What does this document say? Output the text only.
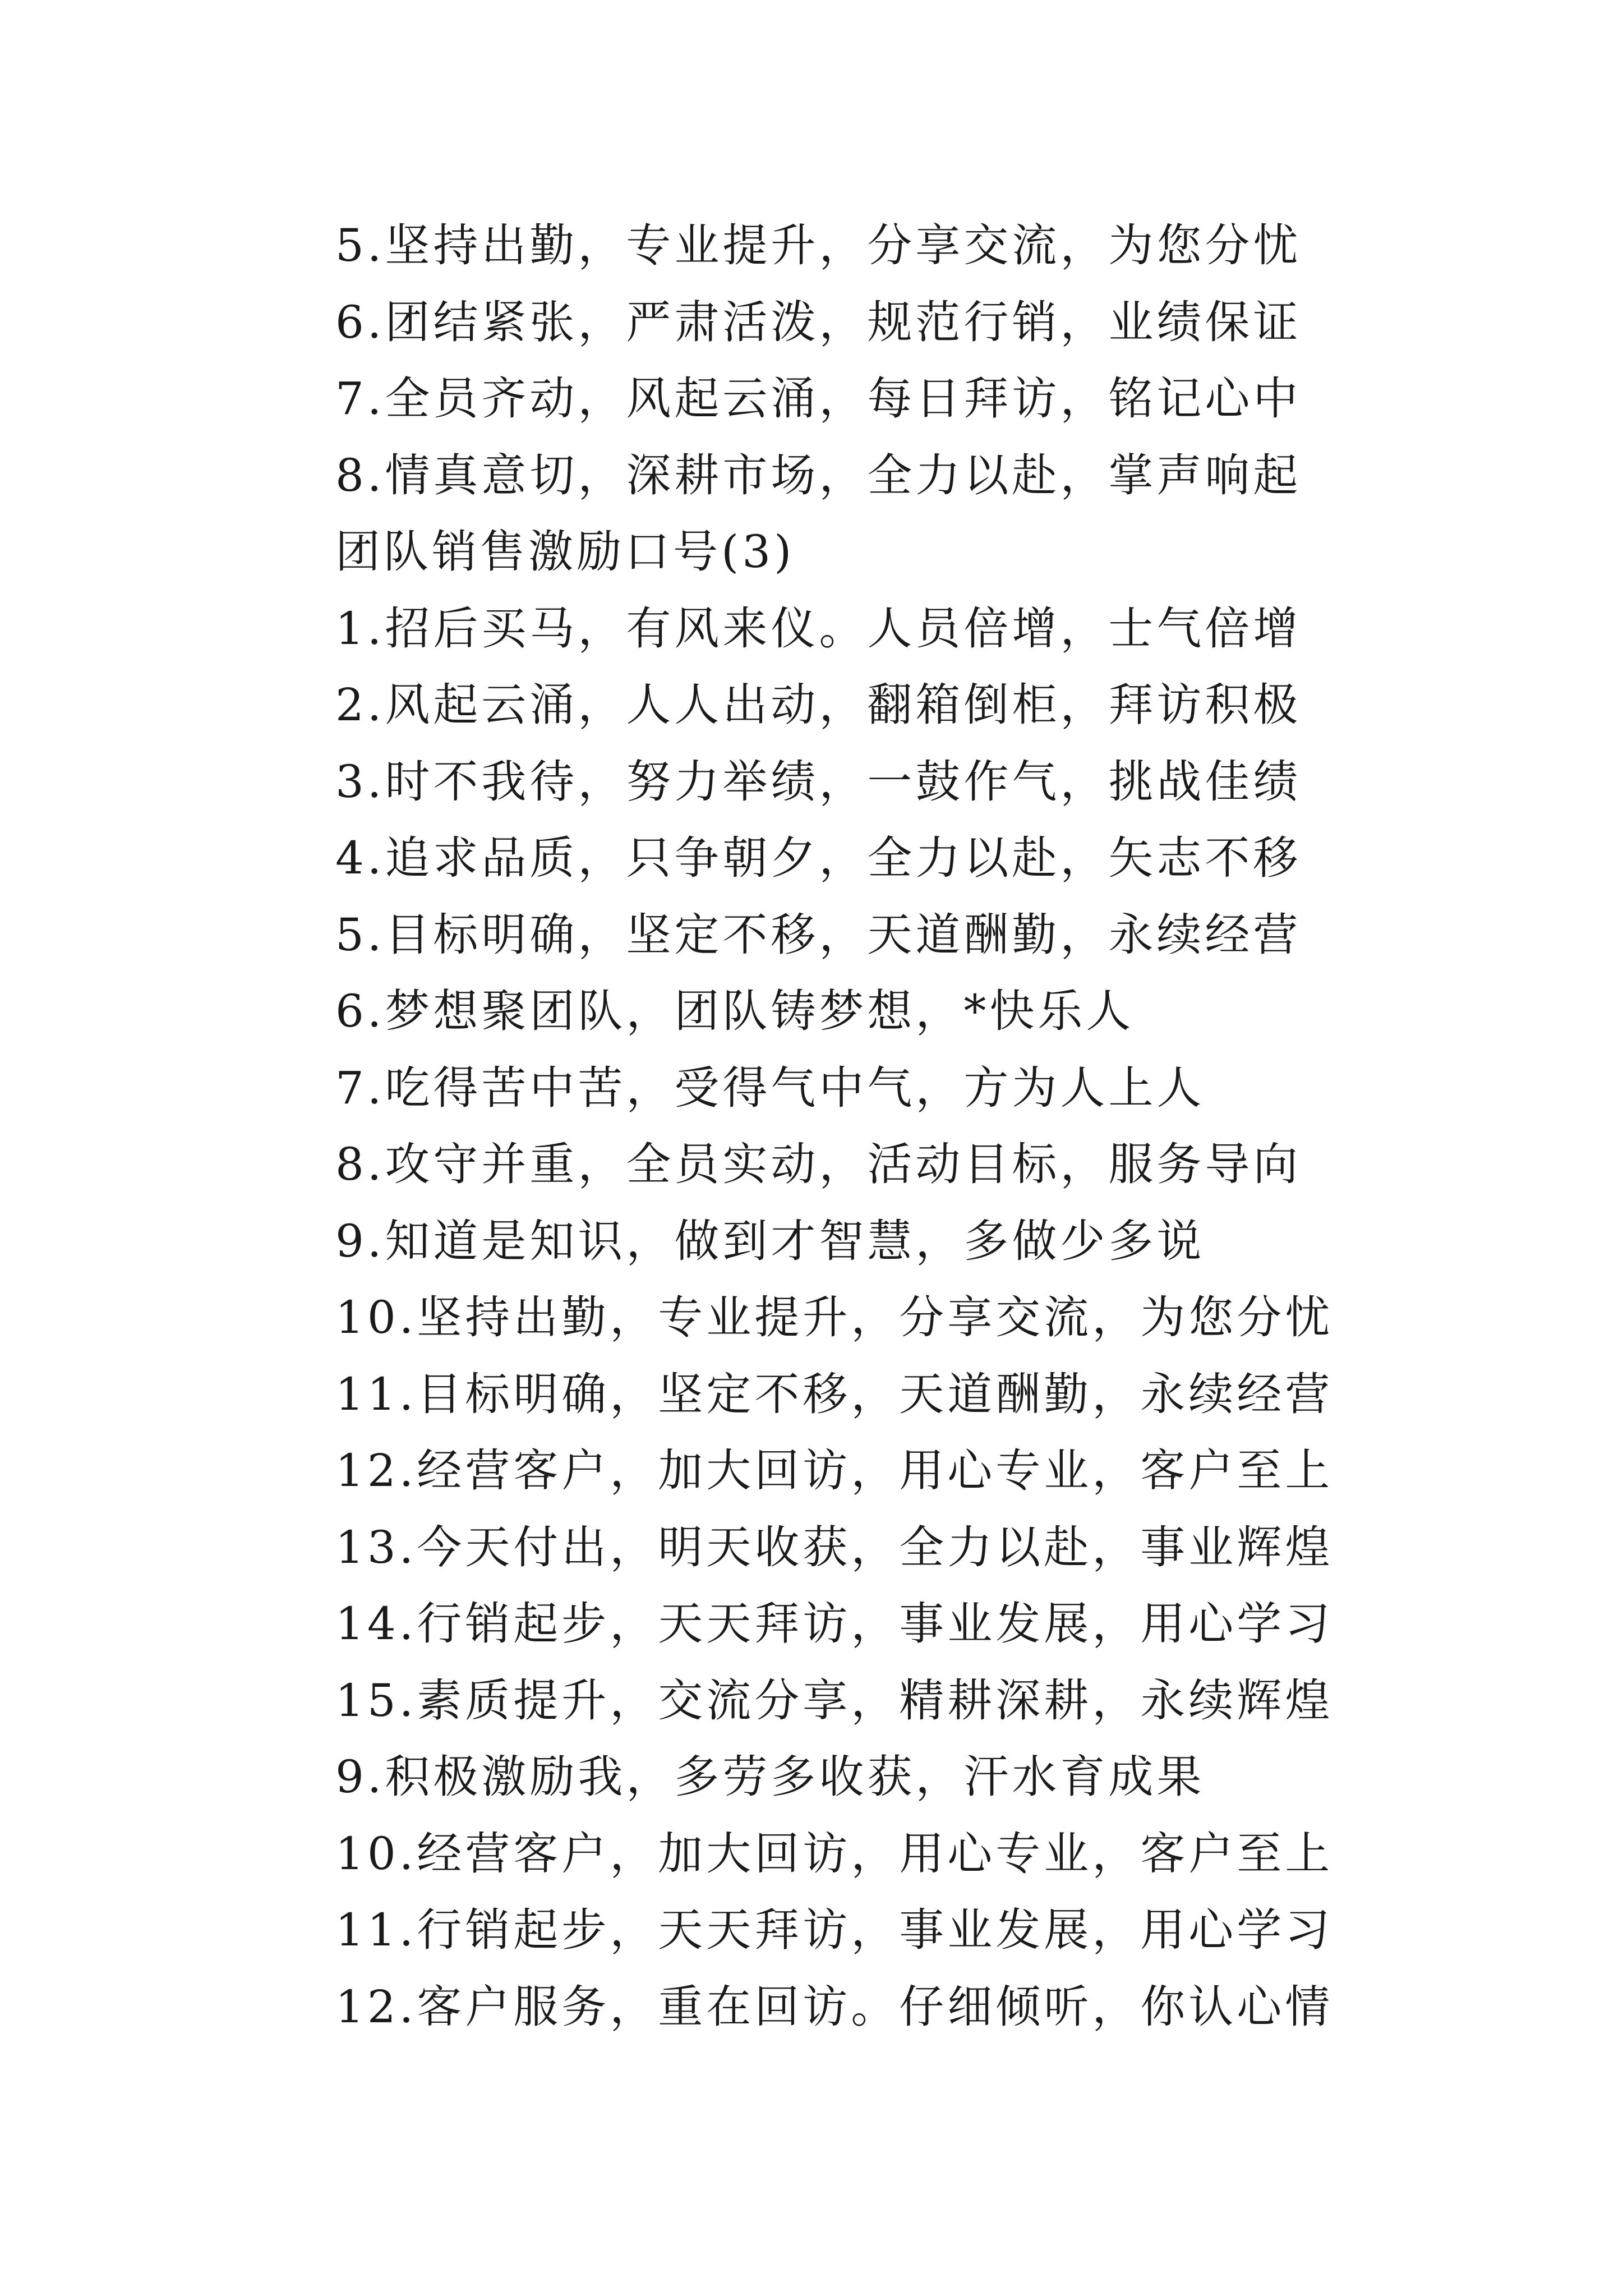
5.坚持出勤，专业提升，分享交流，为您分忧
6.团结紧张，严肃活泼，规范行销，业绩保证
7.全员齐动，风起云涌，每日拜访，铭记心中
8.情真意切，深耕市场，全力以赴，掌声响起
团队销售激励口号(3)
1.招后买马，有风来仪。人员倍增，士气倍增
2.风起云涌，人人出动，翻箱倒柜，拜访积极
3.时不我待，努力举绩，一鼓作气，挑战佳绩
4.追求品质，只争朝夕，全力以赴，矢志不移
5.目标明确，坚定不移，天道酬勤，永续经营
6.梦想聚团队，团队铸梦想，*快乐人
7.吃得苦中苦，受得气中气，方为人上人
8.攻守并重，全员实动，活动目标，服务导向
9.知道是知识，做到才智慧，多做少多说
10.坚持出勤，专业提升，分享交流，为您分忧
11.目标明确，坚定不移，天道酬勤，永续经营
12.经营客户，加大回访，用心专业，客户至上
13.今天付出，明天收获，全力以赴，事业辉煌
14.行销起步，天天拜访，事业发展，用心学习
15.素质提升，交流分享，精耕深耕，永续辉煌
9.积极激励我，多劳多收获，汗水育成果
10.经营客户，加大回访，用心专业，客户至上
11.行销起步，天天拜访，事业发展，用心学习
12.客户服务，重在回访。仔细倾听，你认心情
